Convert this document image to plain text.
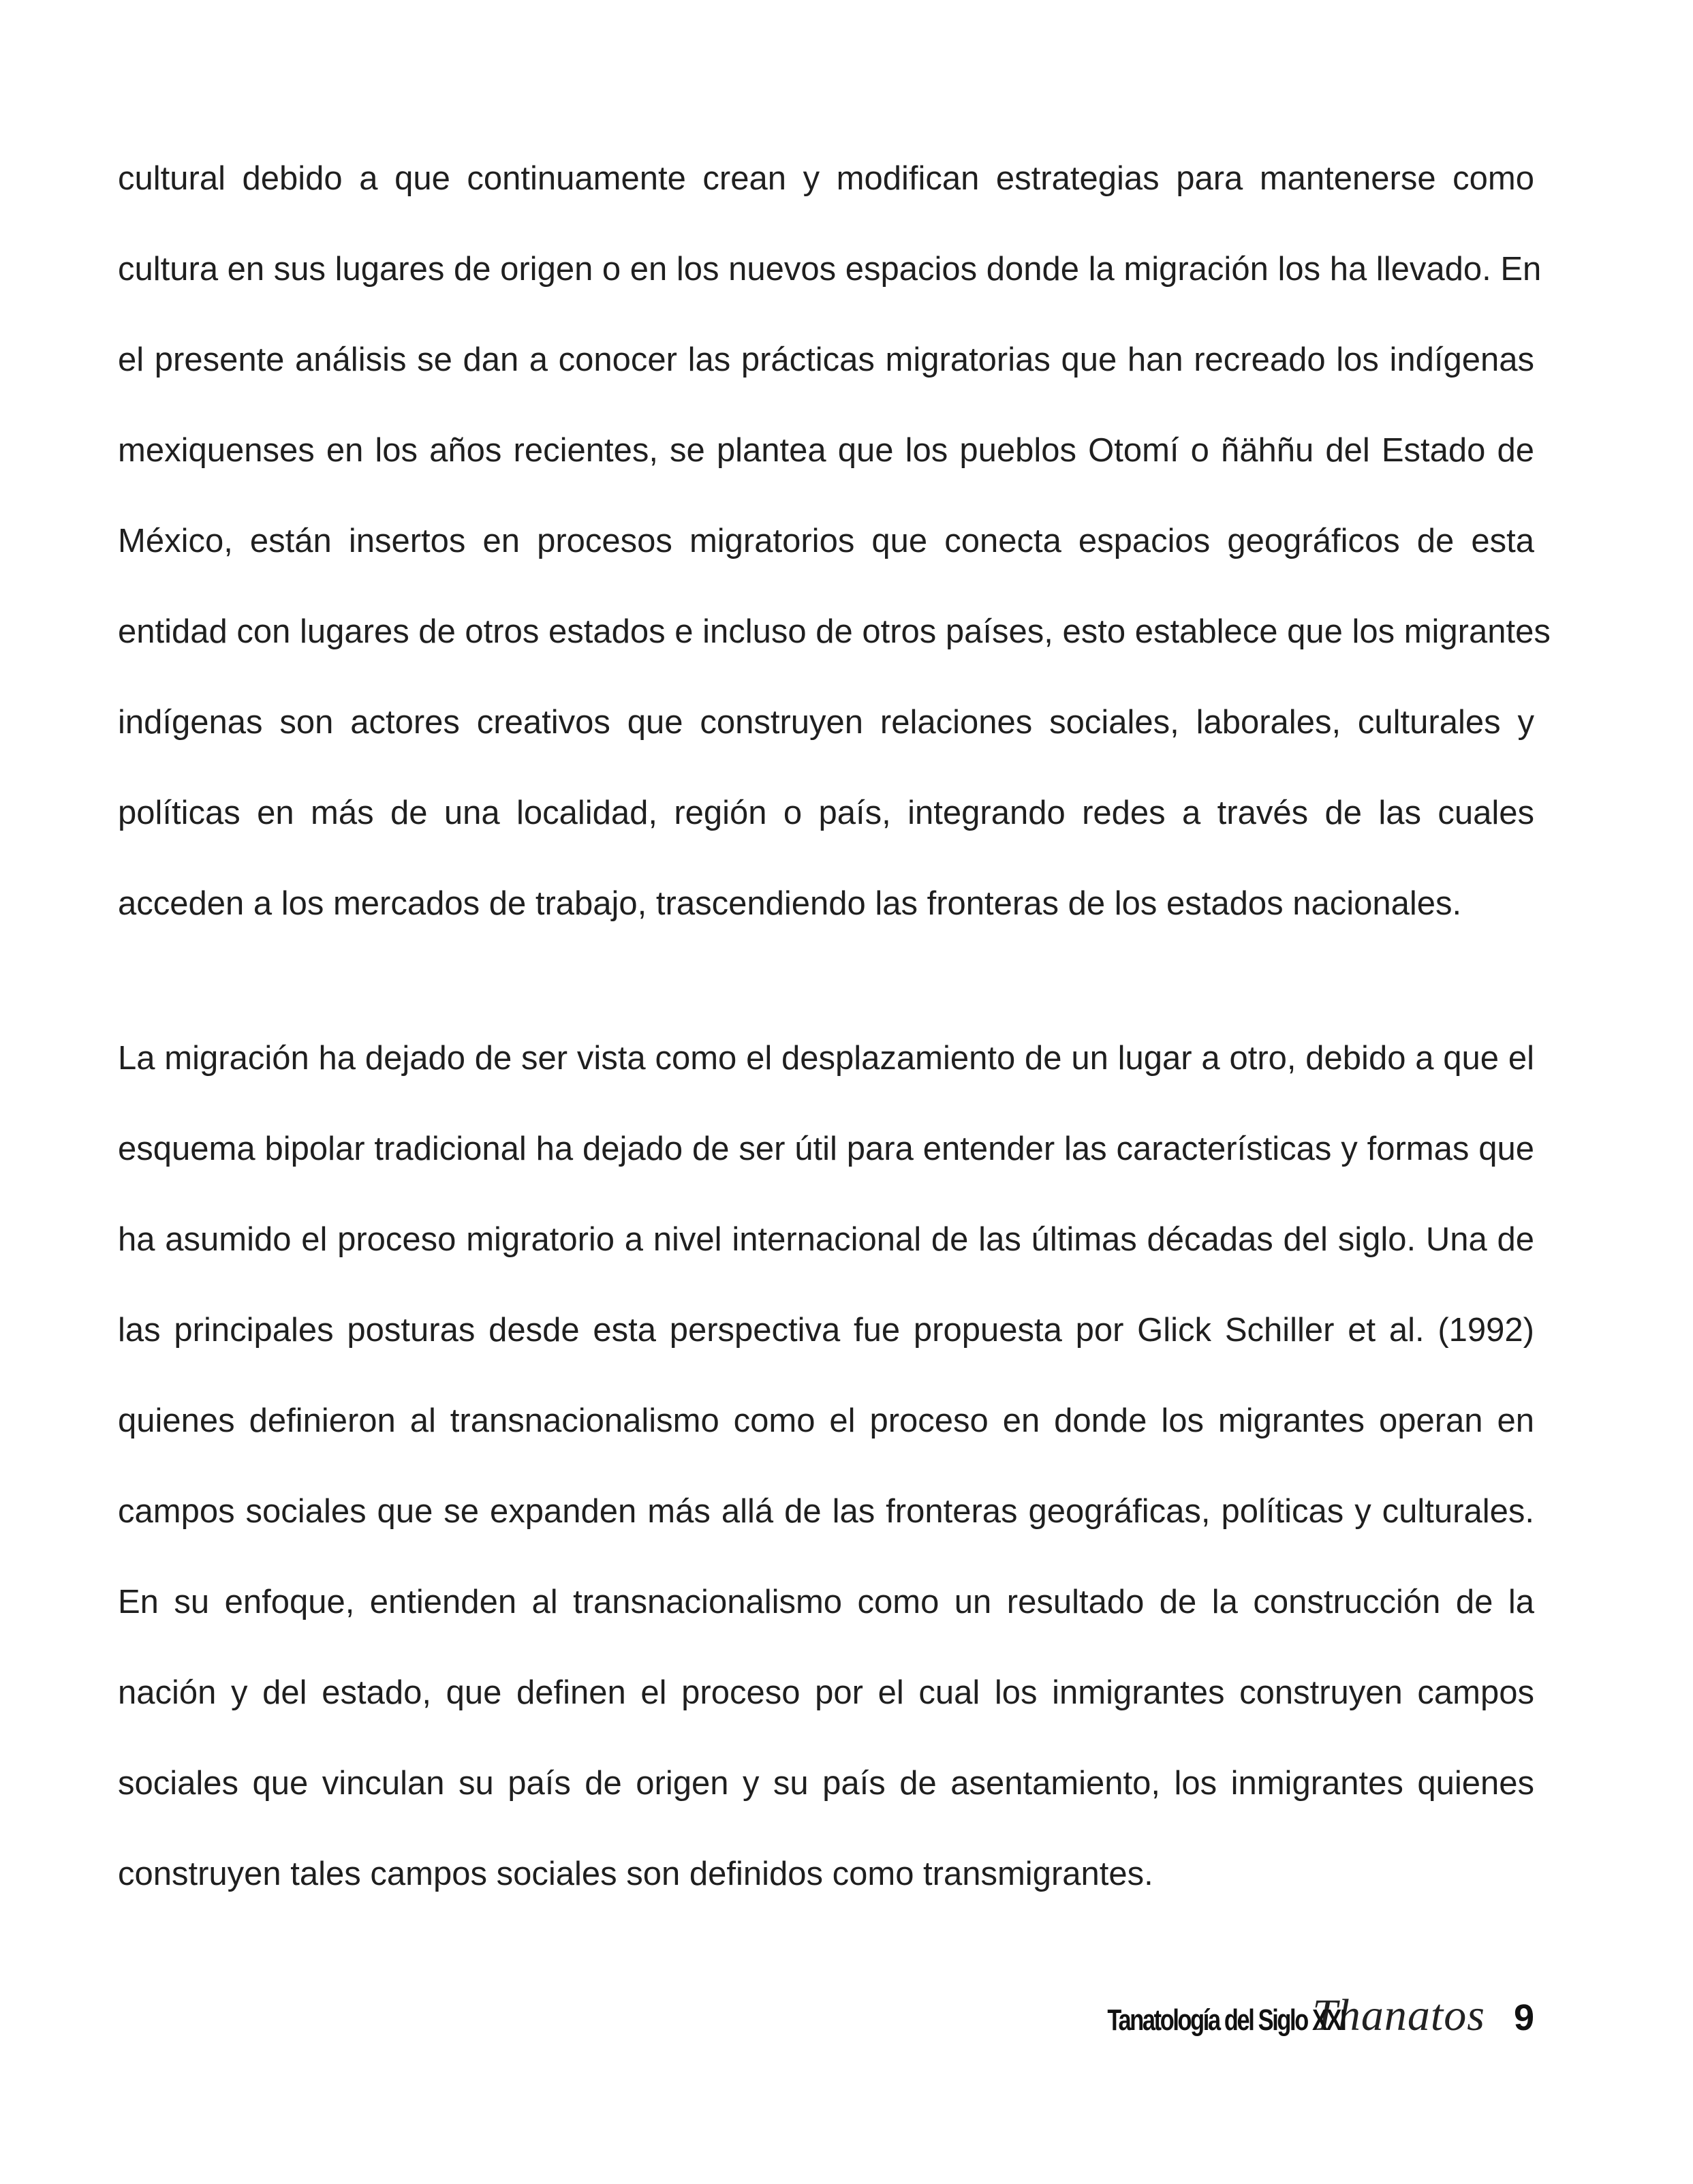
cultural debido a que continuamente crean y modifican estrategias para mantenerse como
cultura en sus lugares de origen o en los nuevos espacios donde la migración los ha llevado. En
el presente análisis se dan a conocer las prácticas migratorias que han recreado los indígenas
mexiquenses en los años recientes, se plantea que los pueblos Otomí o ñähñu del Estado de
México, están insertos en procesos migratorios que conecta espacios geográficos de esta
entidad con lugares de otros estados e incluso de otros países, esto establece que los migrantes
indígenas son actores creativos que construyen relaciones sociales, laborales, culturales y
políticas en más de una localidad, región o país, integrando redes a través de las cuales
acceden a los mercados de trabajo, trascendiendo las fronteras de los estados nacionales.
La migración ha dejado de ser vista como el desplazamiento de un lugar a otro, debido a que el
esquema bipolar tradicional ha dejado de ser útil para entender las características y formas que
ha asumido el proceso migratorio a nivel internacional de las últimas décadas del siglo. Una de
las principales posturas desde esta perspectiva fue propuesta por Glick Schiller et al. (1992)
quienes definieron al transnacionalismo como el proceso en donde los migrantes operan en
campos sociales que se expanden más allá de las fronteras geográficas, políticas y culturales.
En su enfoque, entienden al transnacionalismo como un resultado de la construcción de la
nación y del estado, que definen el proceso por el cual los inmigrantes construyen campos
sociales que vinculan su país de origen y su país de asentamiento, los inmigrantes quienes
construyen tales campos sociales son definidos como transmigrantes.
Tanatología del Siglo XXI
Thanatos 9
